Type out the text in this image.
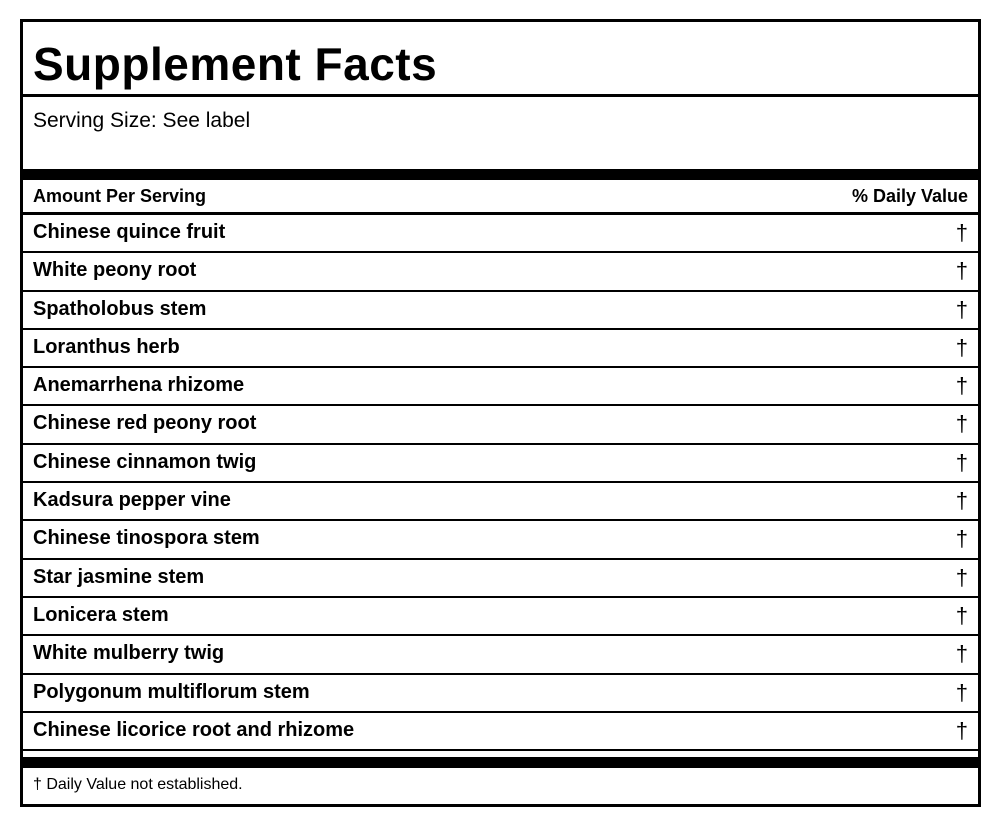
Supplement Facts
Serving Size: See label
Amount Per Serving	% Daily Value
Chinese quince fruit	†
White peony root	†
Spatholobus stem	†
Loranthus herb	†
Anemarrhena rhizome	†
Chinese red peony root	†
Chinese cinnamon twig	†
Kadsura pepper vine	†
Chinese tinospora stem	†
Star jasmine stem	†
Lonicera stem	†
White mulberry twig	†
Polygonum multiflorum stem	†
Chinese licorice root and rhizome	†
† Daily Value not established.
